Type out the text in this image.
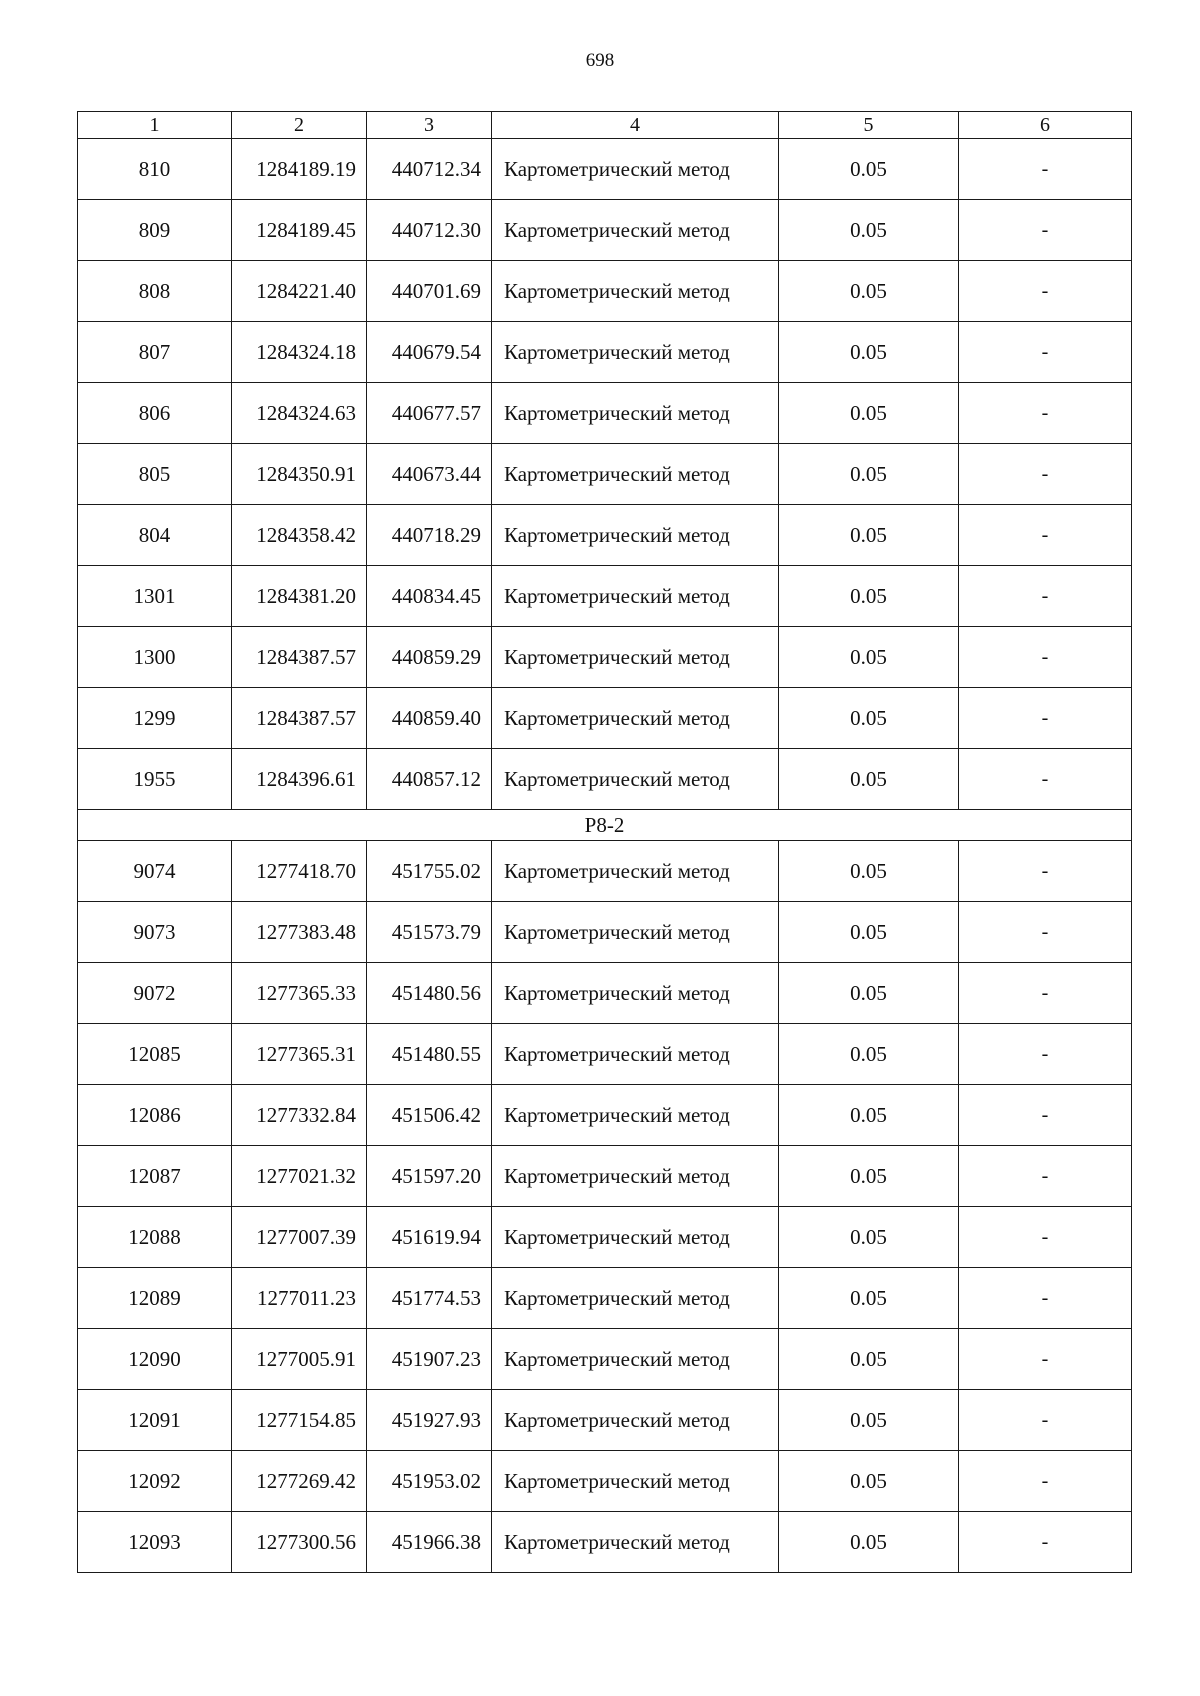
698
1	2	3	4	5	6
810	1284189.19	440712.34	Картометрический метод	0.05	-
809	1284189.45	440712.30	Картометрический метод	0.05	-
808	1284221.40	440701.69	Картометрический метод	0.05	-
807	1284324.18	440679.54	Картометрический метод	0.05	-
806	1284324.63	440677.57	Картометрический метод	0.05	-
805	1284350.91	440673.44	Картометрический метод	0.05	-
804	1284358.42	440718.29	Картометрический метод	0.05	-
1301	1284381.20	440834.45	Картометрический метод	0.05	-
1300	1284387.57	440859.29	Картометрический метод	0.05	-
1299	1284387.57	440859.40	Картометрический метод	0.05	-
1955	1284396.61	440857.12	Картометрический метод	0.05	-
Р8-2					
9074	1277418.70	451755.02	Картометрический метод	0.05	-
9073	1277383.48	451573.79	Картометрический метод	0.05	-
9072	1277365.33	451480.56	Картометрический метод	0.05	-
12085	1277365.31	451480.55	Картометрический метод	0.05	-
12086	1277332.84	451506.42	Картометрический метод	0.05	-
12087	1277021.32	451597.20	Картометрический метод	0.05	-
12088	1277007.39	451619.94	Картометрический метод	0.05	-
12089	1277011.23	451774.53	Картометрический метод	0.05	-
12090	1277005.91	451907.23	Картометрический метод	0.05	-
12091	1277154.85	451927.93	Картометрический метод	0.05	-
12092	1277269.42	451953.02	Картометрический метод	0.05	-
12093	1277300.56	451966.38	Картометрический метод	0.05	-
